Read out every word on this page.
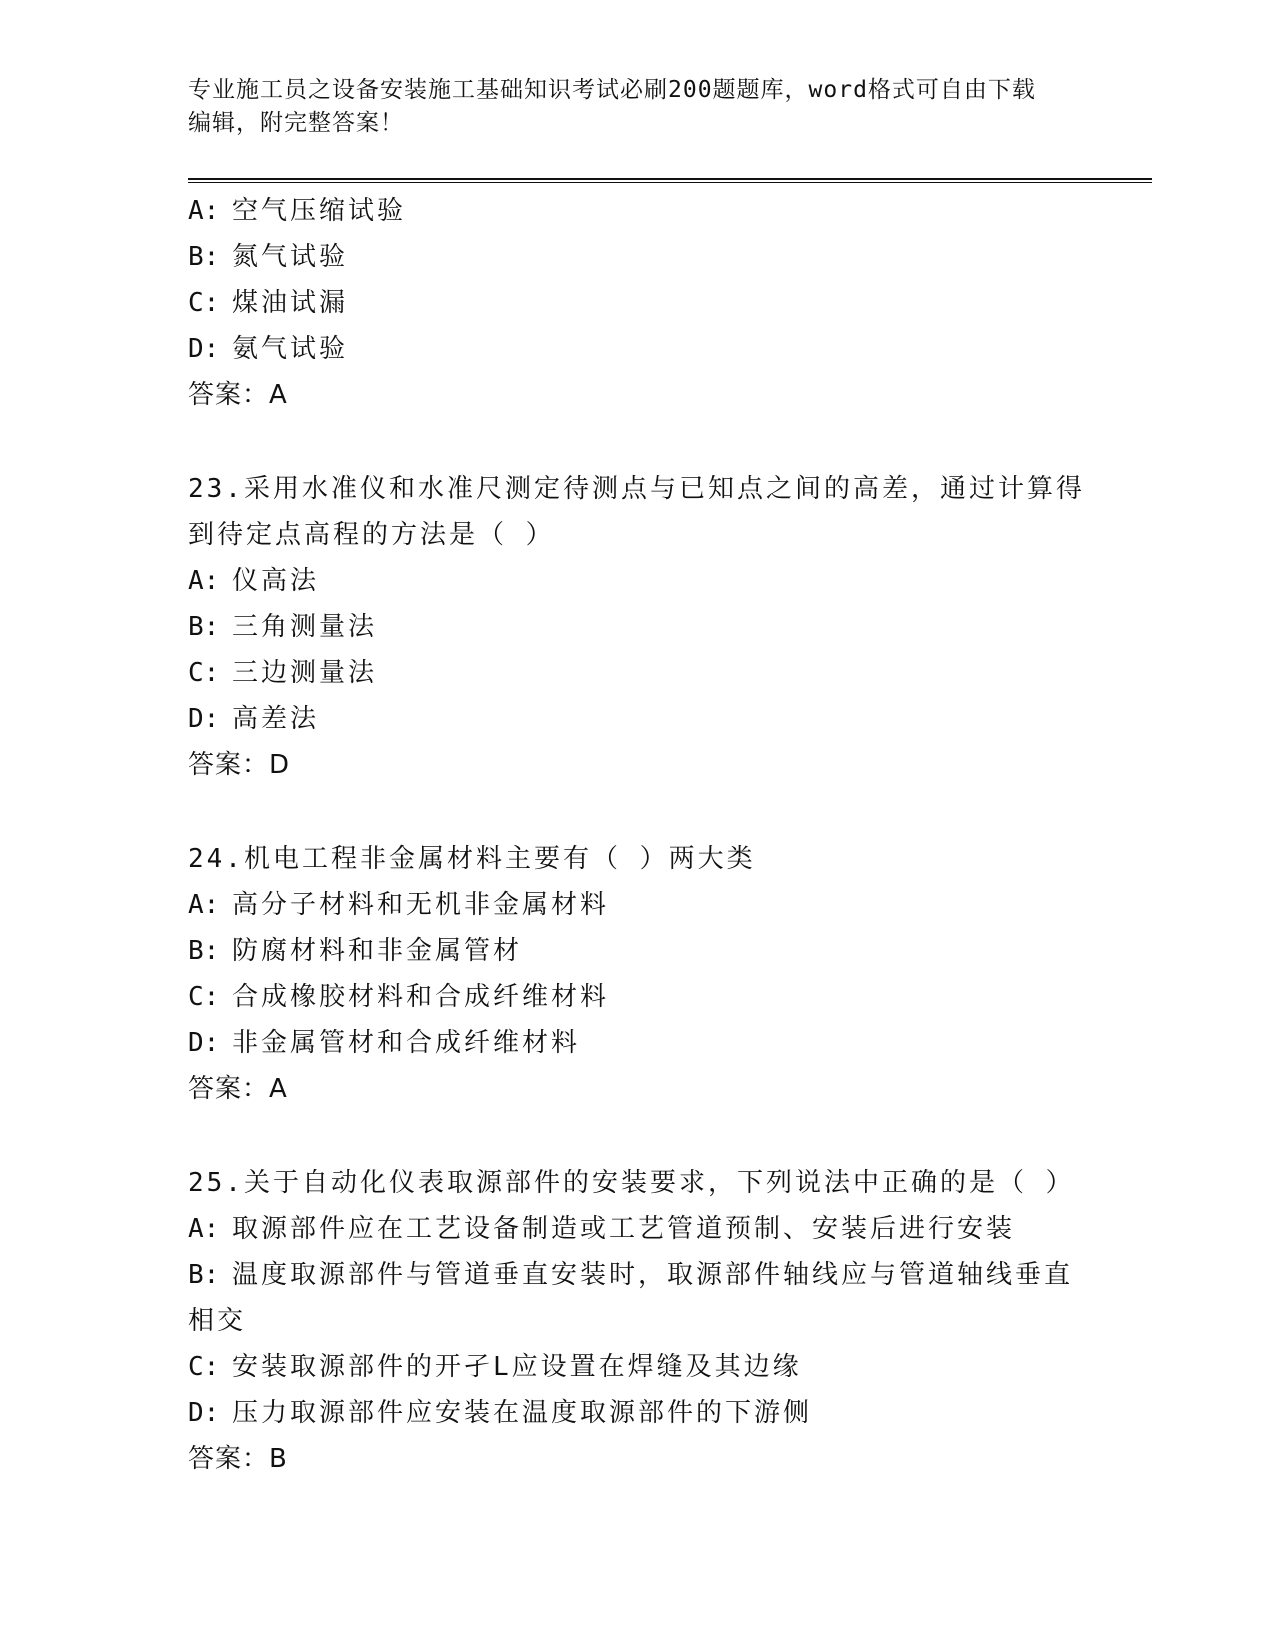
专业施工员之设备安装施工基础知识考试必刷200题题库，word格式可自由下载
编辑，附完整答案！

A: 空气压缩试验

B: 氮气试验

C: 煤油试漏

D: 氨气试验

答案：A

23.采用水准仪和水准尺测定待测点与已知点之间的高差，通过计算得

到待定点高程的方法是（ ）

A: 仪高法

B: 三角测量法

C: 三边测量法

D: 高差法

答案：D

24.机电工程非金属材料主要有（ ）两大类

A: 高分子材料和无机非金属材料

B: 防腐材料和非金属管材

C: 合成橡胶材料和合成纤维材料

D: 非金属管材和合成纤维材料

答案：A

25.关于自动化仪表取源部件的安装要求，下列说法中正确的是（ ）

A: 取源部件应在工艺设备制造或工艺管道预制、安装后进行安装

B: 温度取源部件与管道垂直安装时，取源部件轴线应与管道轴线垂直

相交

C: 安装取源部件的开孑L应设置在焊缝及其边缘

D: 压力取源部件应安装在温度取源部件的下游侧

答案：B
